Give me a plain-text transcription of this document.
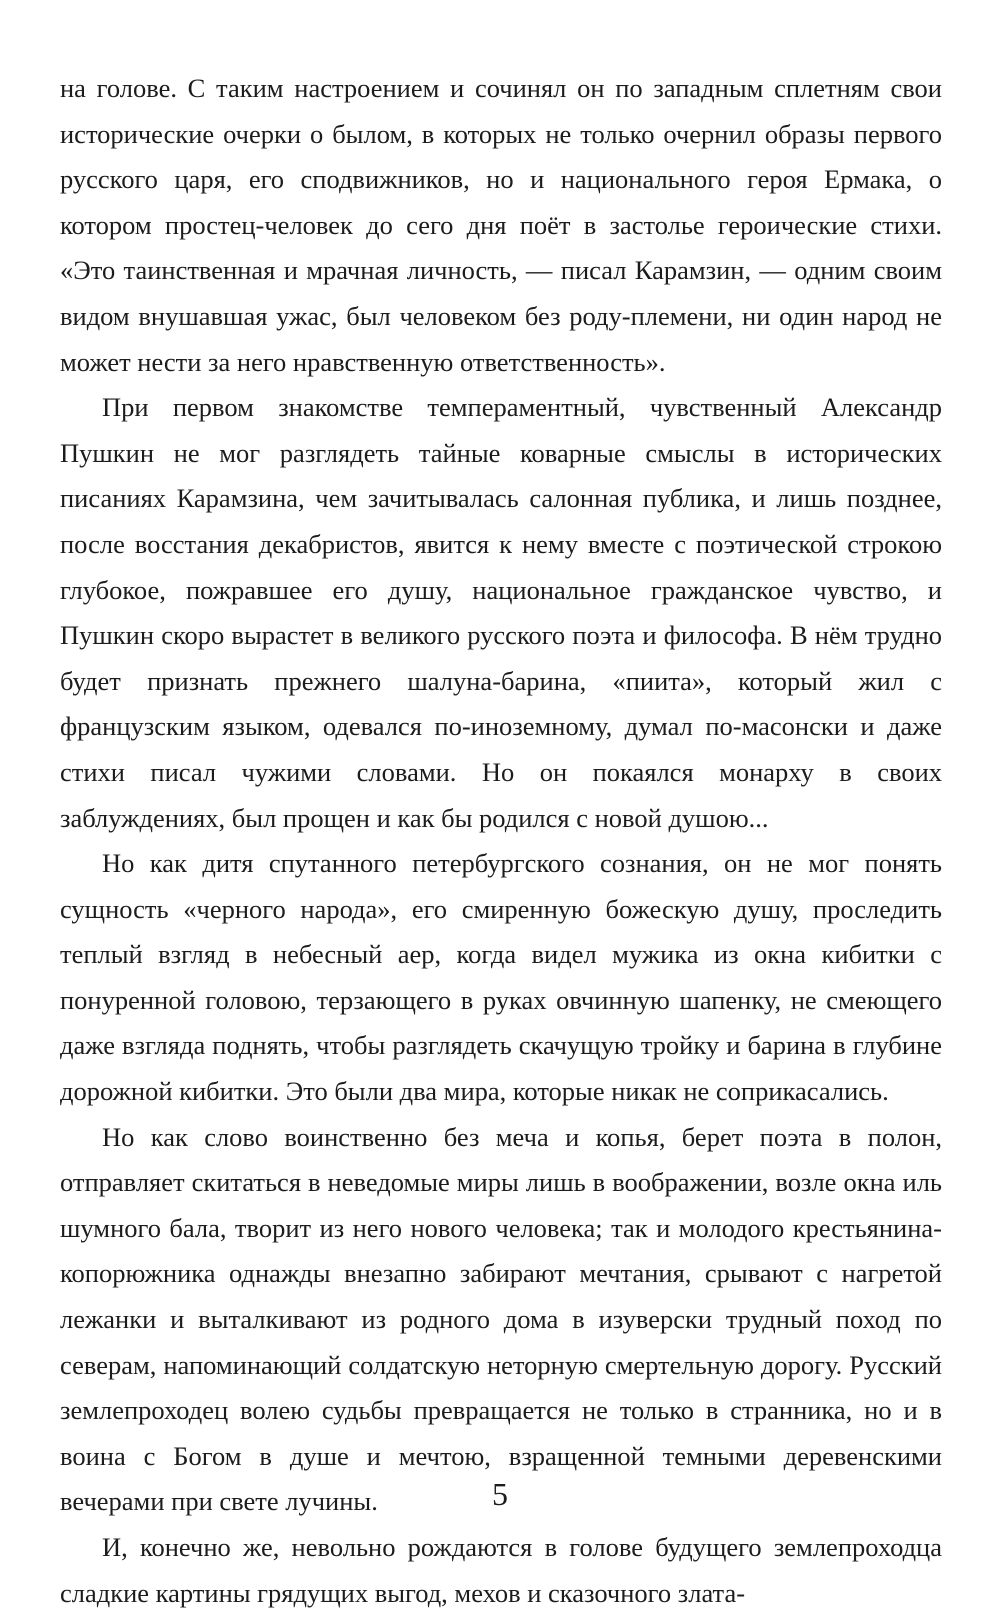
на голове. С таким настроением и сочинял он по западным сплетням свои исторические очерки о былом, в которых не только очернил образы первого русского царя, его сподвижников, но и национального героя Ермака, о котором простец-человек до сего дня поёт в застолье героические стихи. «Это таинственная и мрачная личность, — писал Карамзин, — одним своим видом внушавшая ужас, был человеком без роду-племени, ни один народ не может нести за него нравственную ответственность».

При первом знакомстве темпераментный, чувственный Александр Пушкин не мог разглядеть тайные коварные смыслы в исторических писаниях Карамзина, чем зачитывалась салонная публика, и лишь позднее, после восстания декабристов, явится к нему вместе с поэтической строкою глубокое, пожравшее его душу, национальное гражданское чувство, и Пушкин скоро вырастет в великого русского поэта и философа. В нём трудно будет признать прежнего шалуна-барина, «пиита», который жил с французским языком, одевался по-иноземному, думал по-масонски и даже стихи писал чужими словами. Но он покаялся монарху в своих заблуждениях, был прощен и как бы родился с новой душою...

Но как дитя спутанного петербургского сознания, он не мог понять сущность «черного народа», его смиренную божескую душу, проследить теплый взгляд в небесный аер, когда видел мужика из окна кибитки с понуренной головою, терзающего в руках овчинную шапенку, не смеющего даже взгляда поднять, чтобы разглядеть скачущую тройку и барина в глубине дорожной кибитки. Это были два мира, которые никак не соприкасались.

Но как слово воинственно без меча и копья, берет поэта в полон, отправляет скитаться в неведомые миры лишь в воображении, возле окна иль шумного бала, творит из него нового человека; так и молодого крестьянина-копорюжника однажды внезапно забирают мечтания, срывают с нагретой лежанки и выталкивают из родного дома в изуверски трудный поход по северам, напоминающий солдатскую неторную смертельную дорогу. Русский землепроходец волею судьбы превращается не только в странника, но и в воина с Богом в душе и мечтою, взращенной темными деревенскими вечерами при свете лучины.

И, конечно же, невольно рождаются в голове будущего землепроходца сладкие картины грядущих выгод, мехов и сказочного злата-

5
